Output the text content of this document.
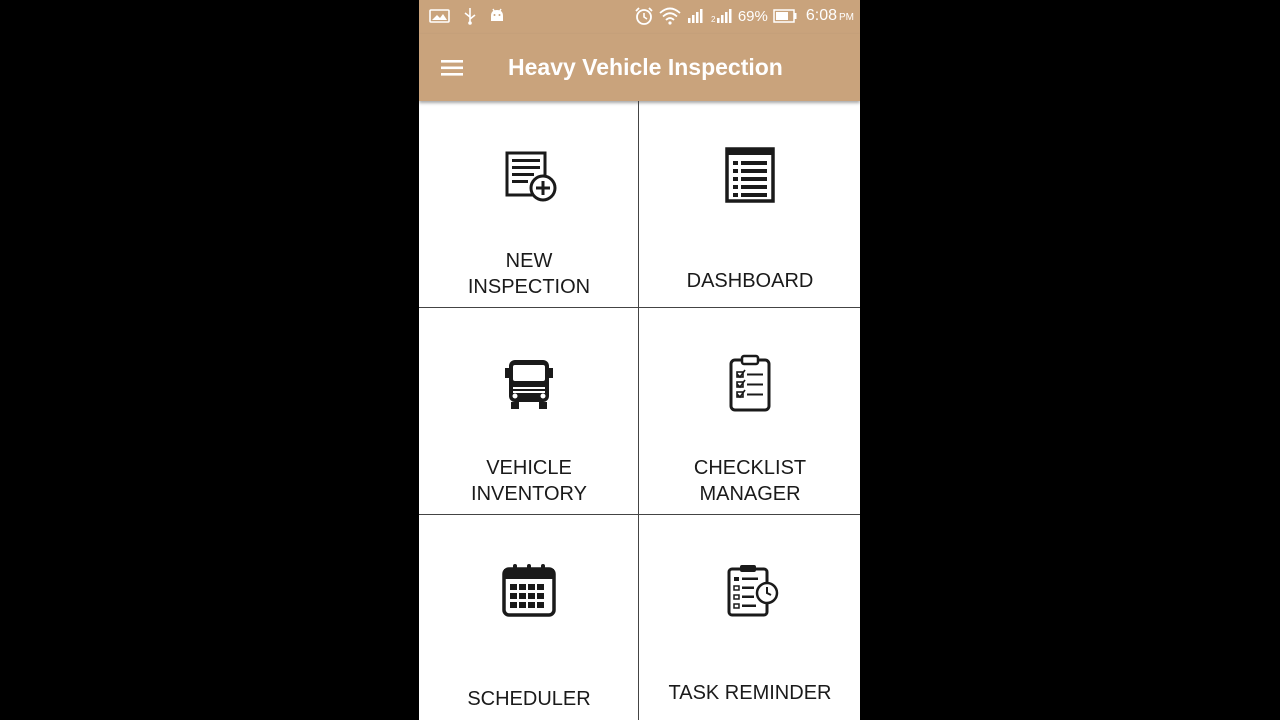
2 69% 6:08 PM
Heavy Vehicle Inspection
NEW
INSPECTION	DASHBOARD
VEHICLE
INVENTORY
CHECKLIST
MANAGER
SCHEDULER	TASK REMINDER
